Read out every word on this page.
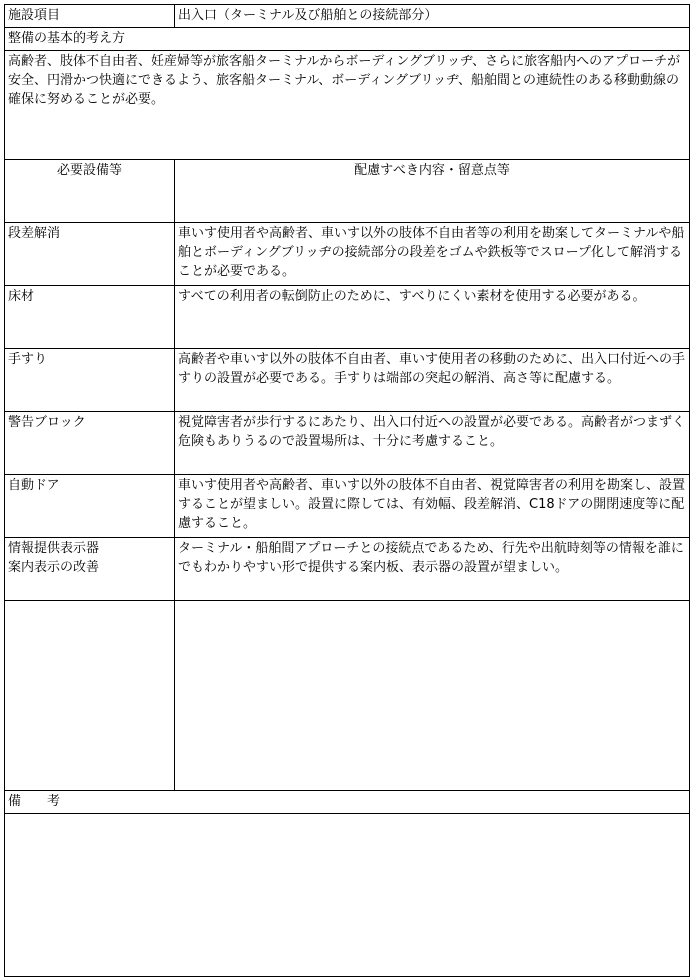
施設項目	出入口（ターミナル及び船舶との接続部分）
整備の基本的考え方	
高齢者、肢体不自由者、妊産婦等が旅客船ターミナルからボーディングブリッヂ、さらに旅客船内へのアプローチが安全、円滑かつ快適にできるよう、旅客船ターミナル、ボーディングブリッヂ、船舶間との連続性のある移動動線の確保に努めることが必要。	
必要設備等	配慮すべき内容・留意点等
段差解消	車いす使用者や高齢者、車いす以外の肢体不自由者等の利用を勘案してターミナルや船舶とボーディングブリッヂの接続部分の段差をゴムや鉄板等でスロープ化して解消することが必要である。
床材	すべての利用者の転倒防止のために、すべりにくい素材を使用する必要がある。
手すり	高齢者や車いす以外の肢体不自由者、車いす使用者の移動のために、出入口付近への手すりの設置が必要である。手すりは端部の突起の解消、高さ等に配慮する。
警告ブロック	視覚障害者が歩行するにあたり、出入口付近への設置が必要である。高齢者がつまずく危険もありうるので設置場所は、十分に考慮すること。
自動ドア	車いす使用者や高齢者、車いす以外の肢体不自由者、視覚障害者の利用を勘案し、設置することが望ましい。設置に際しては、有効幅、段差解消、C18ドアの開閉速度等に配慮すること。
情報提供表示器
案内表示の改善	ターミナル・船舶間アプローチとの接続点であるため、行先や出航時刻等の情報を誰にでもわかりやすい形で提供する案内板、表示器の設置が望ましい。

備　　考	
